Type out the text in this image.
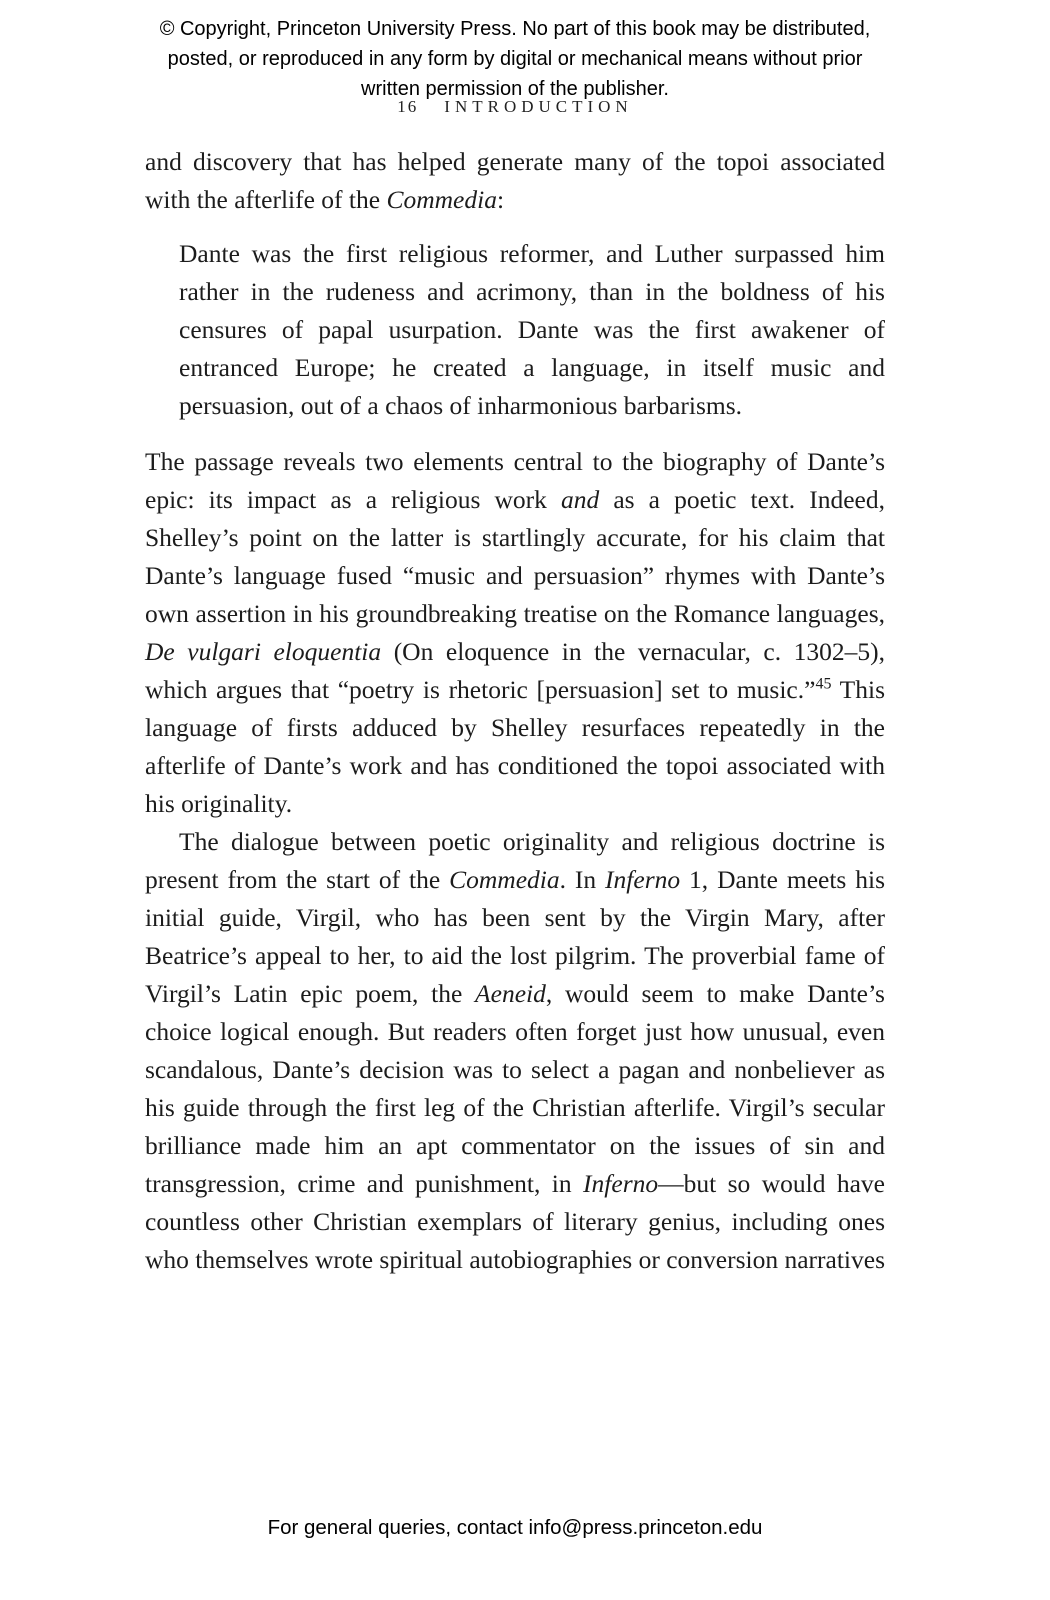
© Copyright, Princeton University Press. No part of this book may be distributed, posted, or reproduced in any form by digital or mechanical means without prior written permission of the publisher.
16 INTRODUCTION

and discovery that has helped generate many of the topoi associated with the afterlife of the Commedia:

Dante was the first religious reformer, and Luther surpassed him rather in the rudeness and acrimony, than in the boldness of his censures of papal usurpation. Dante was the first awakener of entranced Europe; he created a language, in itself music and persuasion, out of a chaos of inharmonious barbarisms.

The passage reveals two elements central to the biography of Dante’s epic: its impact as a religious work and as a poetic text. Indeed, Shelley’s point on the latter is startlingly accurate, for his claim that Dante’s language fused “music and persuasion” rhymes with Dante’s own assertion in his groundbreaking treatise on the Romance languages, De vulgari eloquentia (On eloquence in the vernacular, c. 1302–5), which argues that “poetry is rhetoric [persuasion] set to music.”$^{45}$ This language of firsts adduced by Shelley resurfaces repeatedly in the afterlife of Dante’s work and has conditioned the topoi associated with his originality.

The dialogue between poetic originality and religious doctrine is present from the start of the Commedia. In Inferno 1, Dante meets his initial guide, Virgil, who has been sent by the Virgin Mary, after Beatrice’s appeal to her, to aid the lost pilgrim. The proverbial fame of Virgil’s Latin epic poem, the Aeneid, would seem to make Dante’s choice logical enough. But readers often forget just how unusual, even scandalous, Dante’s decision was to select a pagan and nonbeliever as his guide through the first leg of the Christian afterlife. Virgil’s secular brilliance made him an apt commentator on the issues of sin and transgression, crime and punishment, in Inferno—but so would have countless other Christian exemplars of literary genius, including ones who themselves wrote spiritual autobiographies or conversion narratives

For general queries, contact info@press.princeton.edu
